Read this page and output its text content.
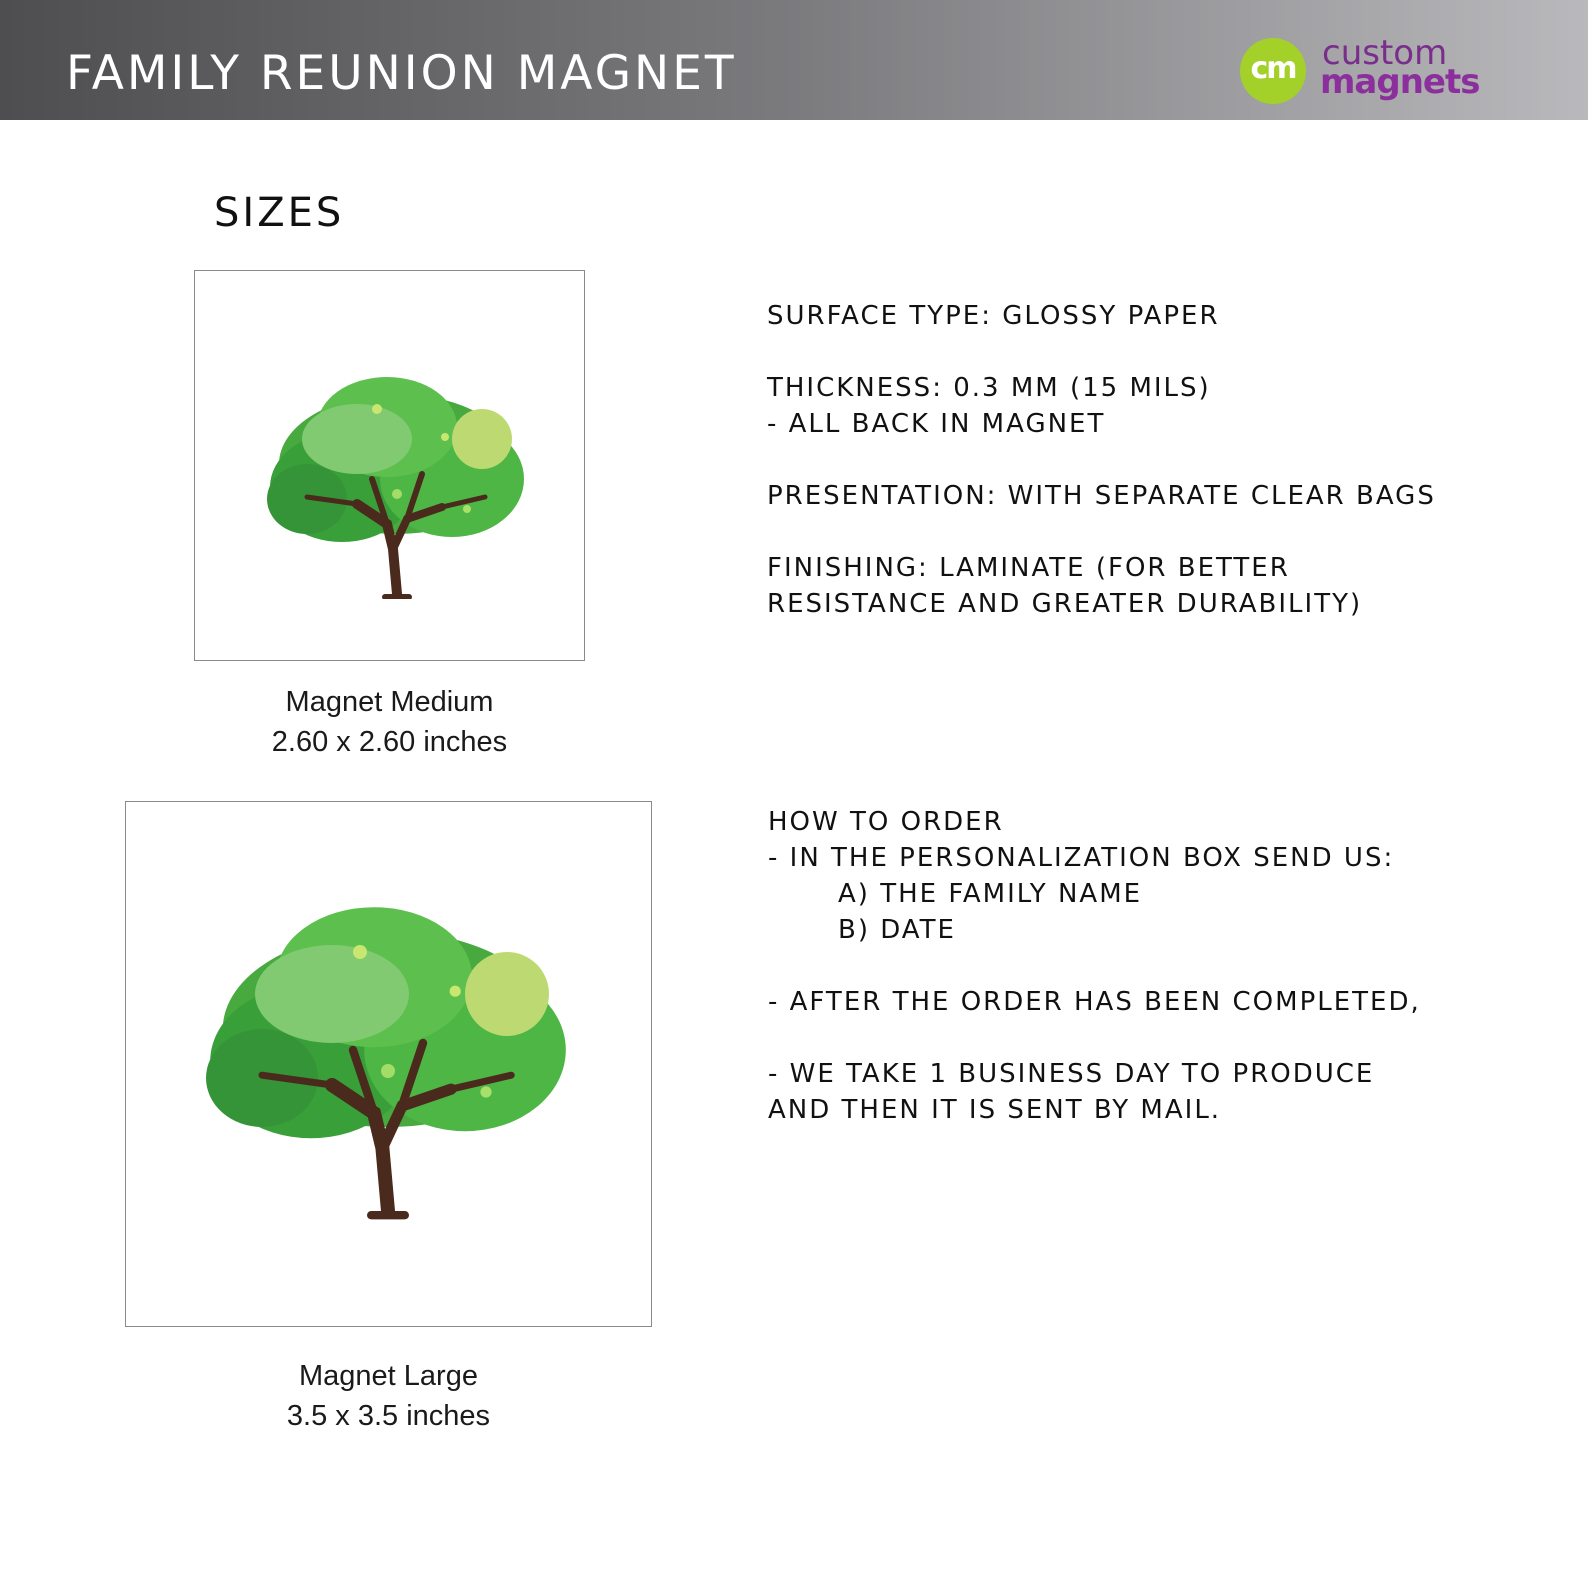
FAMILY REUNION MAGNET	cm custom
magnets
SIZES
Magnet Medium
2.60 x 2.60 inches
Magnet Large
3.5 x 3.5 inches
SURFACE TYPE: GLOSSY PAPER
THICKNESS: 0.3 MM (15 MILS)
- ALL BACK IN MAGNET
PRESENTATION: WITH SEPARATE CLEAR BAGS
FINISHING: LAMINATE (FOR BETTER
RESISTANCE AND GREATER DURABILITY)
HOW TO ORDER
- IN THE PERSONALIZATION BOX SEND US:
A) THE FAMILY NAME
B) DATE
- AFTER THE ORDER HAS BEEN COMPLETED,
- WE TAKE 1 BUSINESS DAY TO PRODUCE
AND THEN IT IS SENT BY MAIL.
